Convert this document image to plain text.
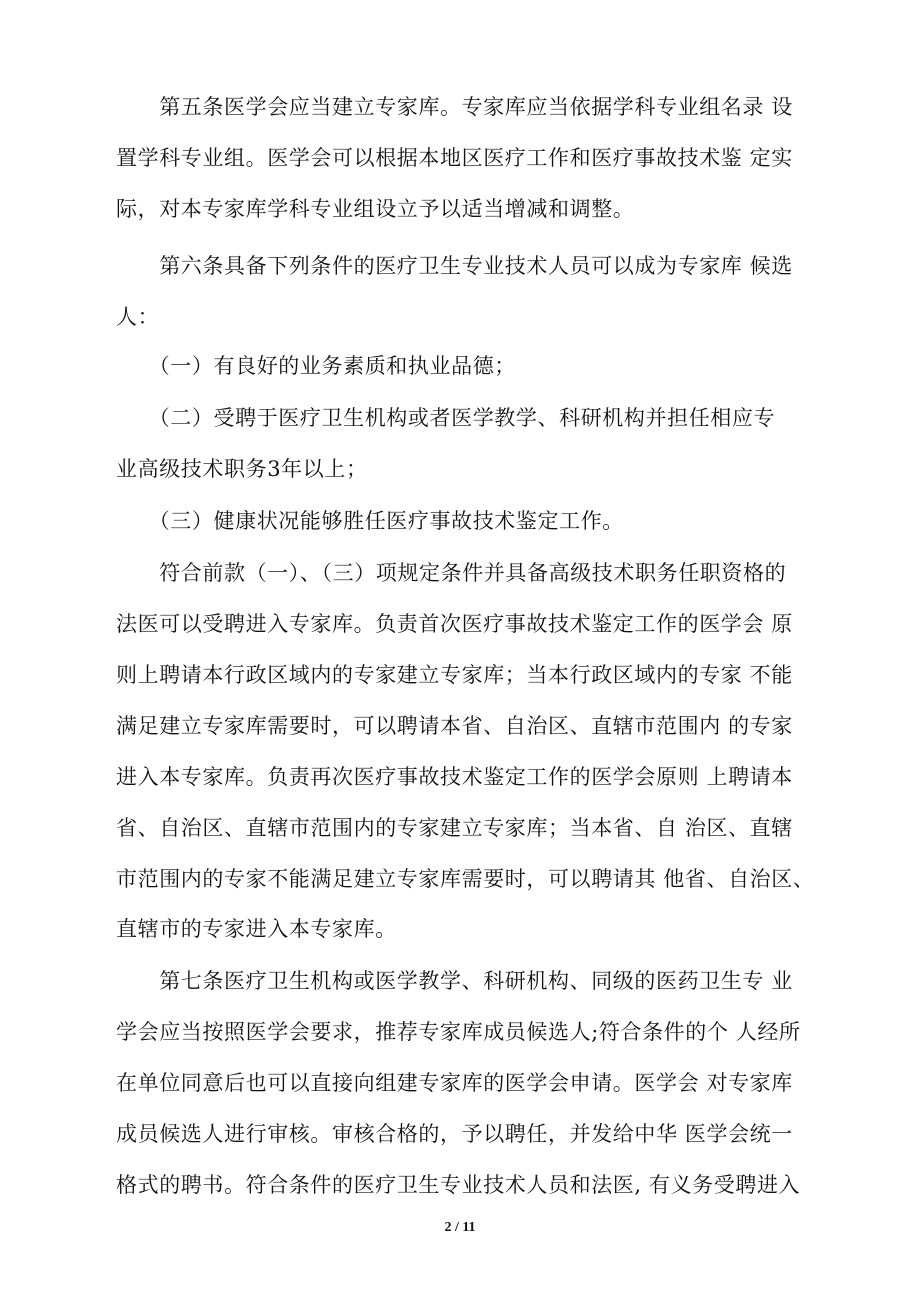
　　第五条医学会应当建立专家库。专家库应当依据学科专业组名录 设
置学科专业组。医学会可以根据本地区医疗工作和医疗事故技术鉴 定实
际，对本专家库学科专业组设立予以适当增减和调整。
　　第六条具备下列条件的医疗卫生专业技术人员可以成为专家库 候选
人：
　　（一）有良好的业务素质和执业品德；
　　（二）受聘于医疗卫生机构或者医学教学、科研机构并担任相应专
业高级技术职务3年以上；
　　（三）健康状况能够胜任医疗事故技术鉴定工作。
　　符合前款（一）、（三）项规定条件并具备高级技术职务任职资格的
法医可以受聘进入专家库。负责首次医疗事故技术鉴定工作的医学会 原
则上聘请本行政区域内的专家建立专家库；当本行政区域内的专家 不能
满足建立专家库需要时，可以聘请本省、自治区、直辖市范围内 的专家
进入本专家库。负责再次医疗事故技术鉴定工作的医学会原则 上聘请本
省、自治区、直辖市范围内的专家建立专家库；当本省、自 治区、直辖
市范围内的专家不能满足建立专家库需要时，可以聘请其 他省、自治区、
直辖市的专家进入本专家库。
　　第七条医疗卫生机构或医学教学、科研机构、同级的医药卫生专 业
学会应当按照医学会要求，推荐专家库成员候选人;符合条件的个 人经所
在单位同意后也可以直接向组建专家库的医学会申请。医学会 对专家库
成员候选人进行审核。审核合格的，予以聘任，并发给中华 医学会统一
格式的聘书。符合条件的医疗卫生专业技术人员和法医, 有义务受聘进入
2 / 11
